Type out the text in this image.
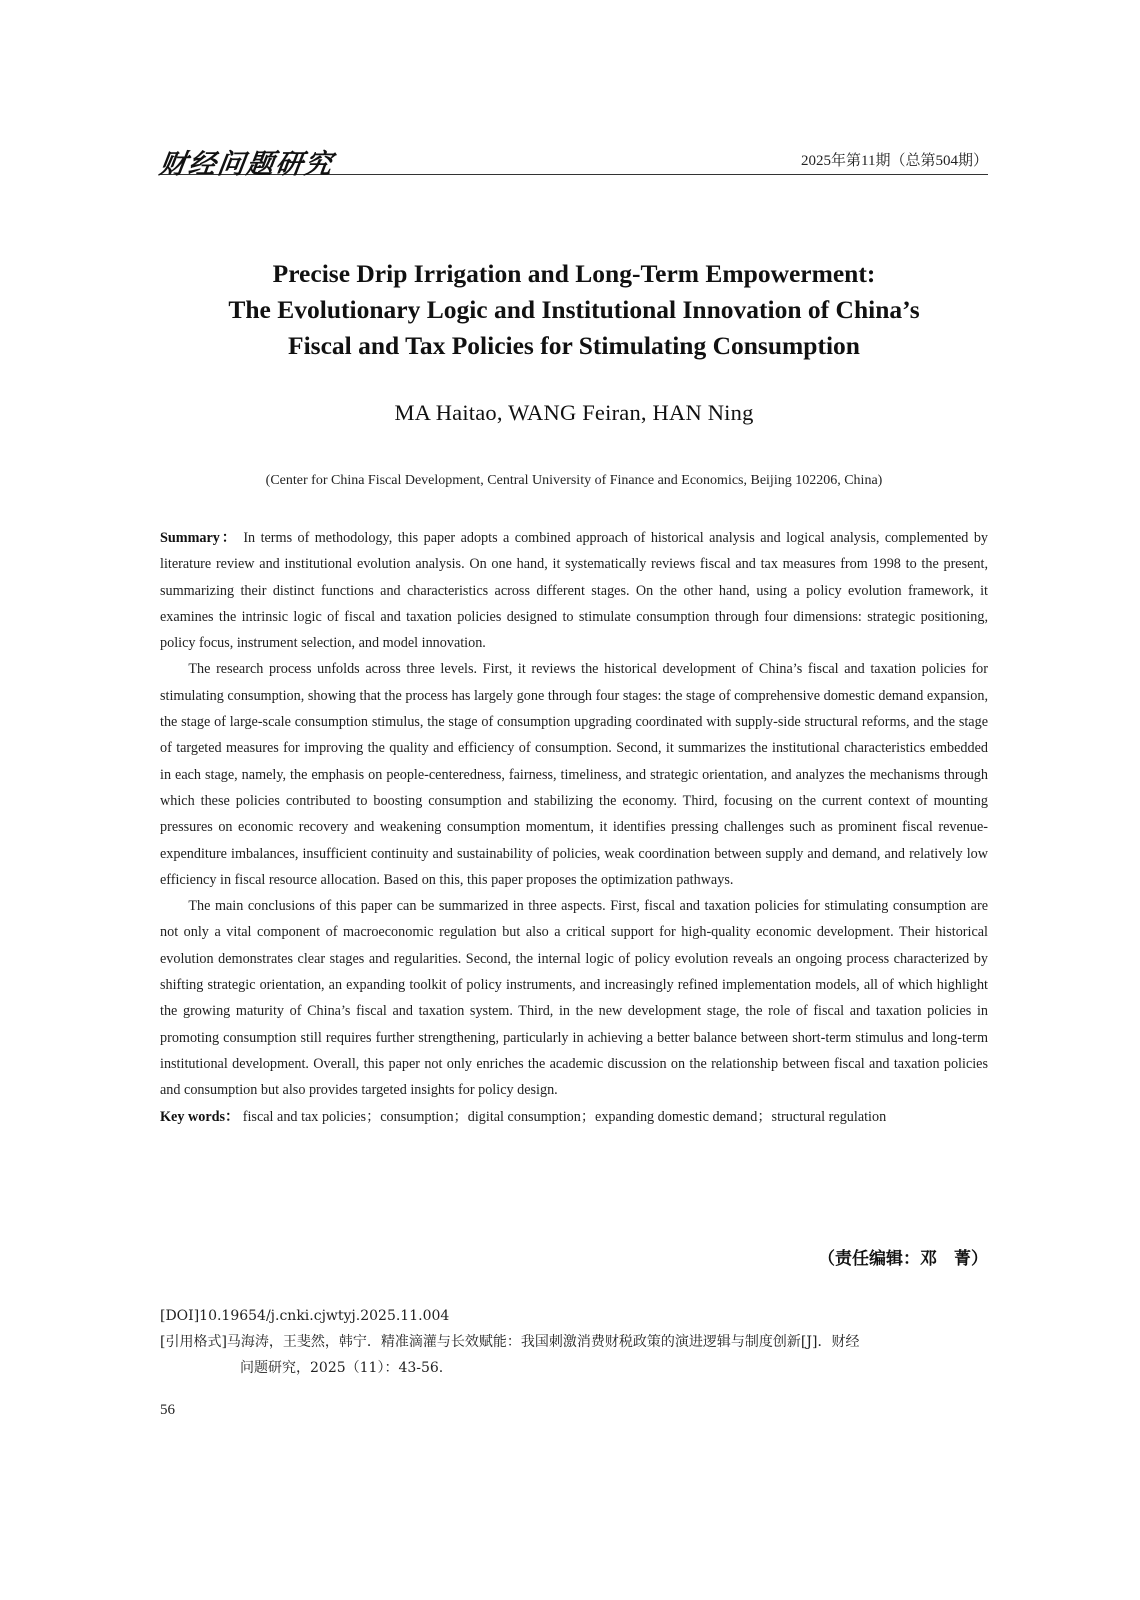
财经问题研究	2025年第11期（总第504期）
Precise Drip Irrigation and Long-Term Empowerment:
The Evolutionary Logic and Institutional Innovation of China’s
Fiscal and Tax Policies for Stimulating Consumption
MA Haitao, WANG Feiran, HAN Ning
(Center for China Fiscal Development, Central University of Finance and Economics, Beijing 102206, China)

Summary： In terms of methodology, this paper adopts a combined approach of historical analysis and logical analysis, complemented by literature review and institutional evolution analysis. On one hand, it systematically reviews fiscal and tax measures from 1998 to the present, summarizing their distinct functions and characteristics across different stages. On the other hand, using a policy evolution framework, it examines the intrinsic logic of fiscal and taxation policies designed to stimulate consumption through four dimensions: strategic positioning, policy focus, instrument selection, and model innovation.

The research process unfolds across three levels. First, it reviews the historical development of China’s fiscal and taxation policies for stimulating consumption, showing that the process has largely gone through four stages: the stage of comprehensive domestic demand expansion, the stage of large-scale consumption stimulus, the stage of consumption upgrading coordinated with supply-side structural reforms, and the stage of targeted measures for improving the quality and efficiency of consumption. Second, it summarizes the institutional characteristics embedded in each stage, namely, the emphasis on people-centeredness, fairness, timeliness, and strategic orientation, and analyzes the mechanisms through which these policies contributed to boosting consumption and stabilizing the economy. Third, focusing on the current context of mounting pressures on economic recovery and weakening consumption momentum, it identifies pressing challenges such as prominent fiscal revenue-expenditure imbalances, insufficient continuity and sustainability of policies, weak coordination between supply and demand, and relatively low efficiency in fiscal resource allocation. Based on this, this paper proposes the optimization pathways.

The main conclusions of this paper can be summarized in three aspects. First, fiscal and taxation policies for stimulating consumption are not only a vital component of macroeconomic regulation but also a critical support for high-quality economic development. Their historical evolution demonstrates clear stages and regularities. Second, the internal logic of policy evolution reveals an ongoing process characterized by shifting strategic orientation, an expanding toolkit of policy instruments, and increasingly refined implementation models, all of which highlight the growing maturity of China’s fiscal and taxation system. Third, in the new development stage, the role of fiscal and taxation policies in promoting consumption still requires further strengthening, particularly in achieving a better balance between short-term stimulus and long-term institutional development. Overall, this paper not only enriches the academic discussion on the relationship between fiscal and taxation policies and consumption but also provides targeted insights for policy design.

Key words： fiscal and tax policies；consumption；digital consumption；expanding domestic demand；structural regulation

（责任编辑：邓　菁）
[DOI]10.19654/j.cnki.cjwtyj.2025.11.004
[引用格式]马海涛，王斐然，韩宁．精准滴灌与长效赋能：我国刺激消费财税政策的演进逻辑与制度创新[J]．财经
问题研究，2025（11）：43-56.
56
